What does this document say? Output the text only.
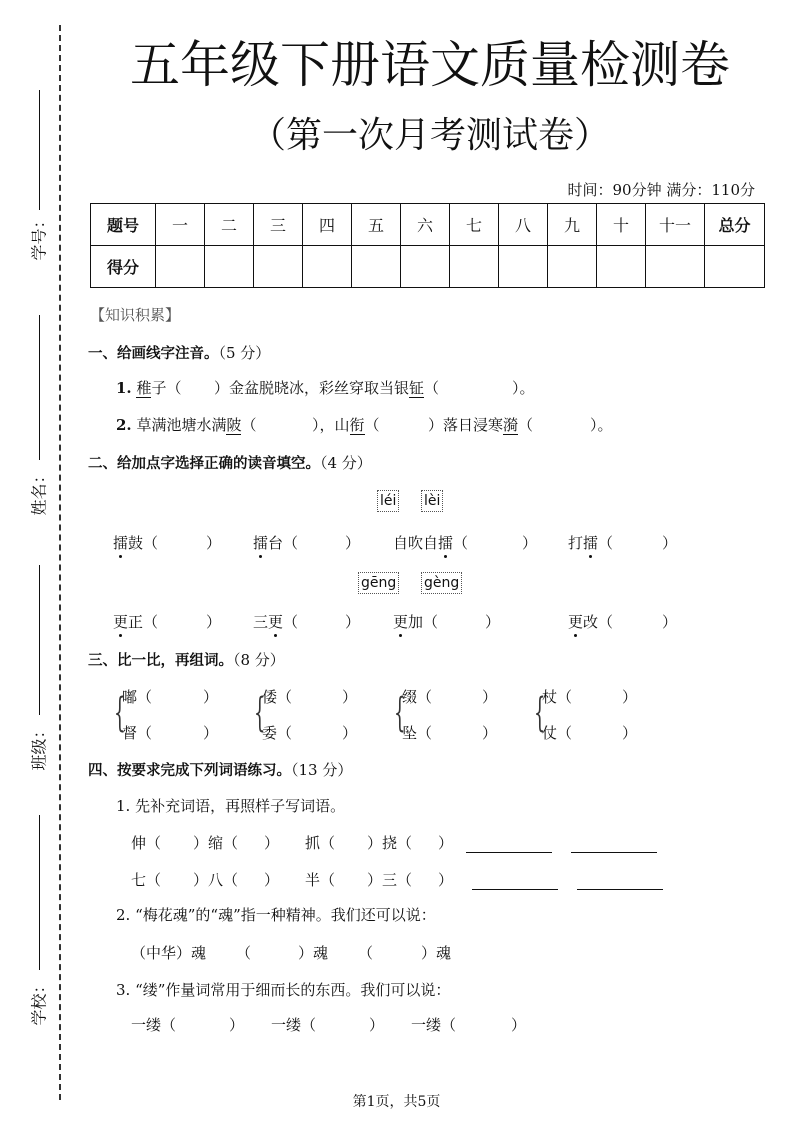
学号：
姓名：
班级：
学校：
五年级下册语文质量检测卷
（第一次月考测试卷）
时间：90分钟 满分：110分
题号	一	二	三	四	五	六	七	八	九	十	十一	总分
得分												
【知识积累】
一、给画线字注音。（5 分）
1. 稚子（ ）金盆脱晓冰，彩丝穿取当银钲（	）。
2. 草满池塘水满陂（	），山衔（	）落日浸寒漪（	）。
二、给加点字选择正确的读音填空。（4 分）
léi lèi
擂鼓（	） 擂台（	） 自吹自擂（	） 打擂（	）
gēng gèng
更正（	） 三更（	） 更加（	）	更改（	）
三、比一比，再组词。（8 分）
{
嘟（
督（
）
） {
倭（
委（
）
） {
缀（
坠（
）
） {
杖（
仗（
）
）
四、按要求完成下列词语练习。（13 分）
1. 先补充词语，再照样子写词语。
伸（ ）缩（ ） 抓（ ）挠（ ）
七（ ）八（ ） 半（ ）三（ ）
2. “梅花魂”的“魂”指一种精神。我们还可以说：
（中华）魂 （	）魂 （	）魂
3. “缕”作量词常用于细而长的东西。我们可以说：
一缕（	） 一缕（	） 一缕（	）
第1页，共5页
